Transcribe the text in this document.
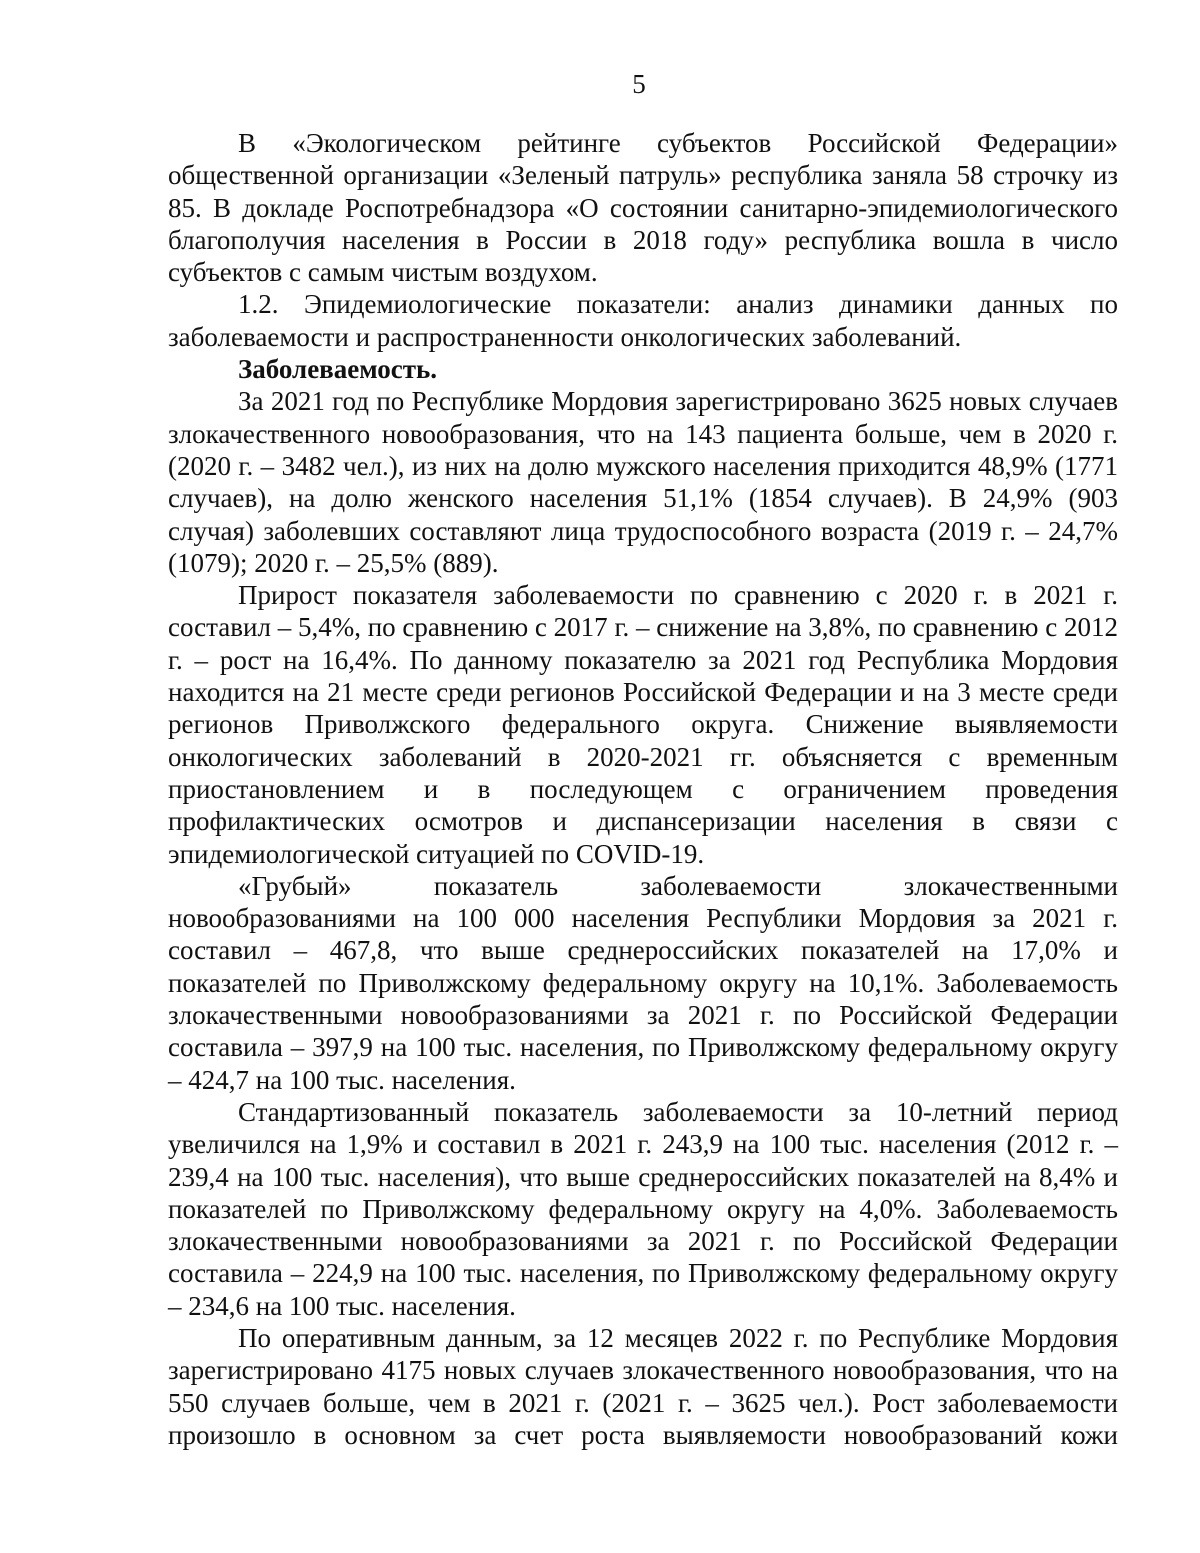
5

В «Экологическом рейтинге субъектов Российской Федерации» общественной организации «Зеленый патруль» республика заняла 58 строчку из 85. В докладе Роспотребнадзора «О состоянии санитарно-эпидемиологического благополучия населения в России в 2018 году» республика вошла в число субъектов с самым чистым воздухом.

1.2. Эпидемиологические показатели: анализ динамики данных по заболеваемости и распространенности онкологических заболеваний.

Заболеваемость.

За 2021 год по Республике Мордовия зарегистрировано 3625 новых случаев злокачественного новообразования, что на 143 пациента больше, чем в 2020 г. (2020 г. – 3482 чел.), из них на долю мужского населения приходится 48,9% (1771 случаев), на долю женского населения 51,1% (1854 случаев). В 24,9% (903 случая) заболевших составляют лица трудоспособного возраста (2019 г. – 24,7% (1079); 2020 г. – 25,5% (889).

Прирост показателя заболеваемости по сравнению с 2020 г. в 2021 г. составил – 5,4%, по сравнению с 2017 г. – снижение на 3,8%, по сравнению с 2012 г. – рост на 16,4%. По данному показателю за 2021 год Республика Мордовия находится на 21 месте среди регионов Российской Федерации и на 3 месте среди регионов Приволжского федерального округа. Снижение выявляемости онкологических заболеваний в 2020-2021 гг. объясняется с временным приостановлением и в последующем с ограничением проведения профилактических осмотров и диспансеризации населения в связи с эпидемиологической ситуацией по COVID-19.

«Грубый» показатель заболеваемости злокачественными новообразованиями на 100 000 населения Республики Мордовия за 2021 г. составил – 467,8, что выше среднероссийских показателей на 17,0% и показателей по Приволжскому федеральному округу на 10,1%. Заболеваемость злокачественными новообразованиями за 2021 г. по Российской Федерации составила – 397,9 на 100 тыс. населения, по Приволжскому федеральному округу – 424,7 на 100 тыс. населения.

Стандартизованный показатель заболеваемости за 10-летний период увеличился на 1,9% и составил в 2021 г. 243,9 на 100 тыс. населения (2012 г. – 239,4 на 100 тыс. населения), что выше среднероссийских показателей на 8,4% и показателей по Приволжскому федеральному округу на 4,0%. Заболеваемость злокачественными новообразованиями за 2021 г. по Российской Федерации составила – 224,9 на 100 тыс. населения, по Приволжскому федеральному округу – 234,6 на 100 тыс. населения.

По оперативным данным, за 12 месяцев 2022 г. по Республике Мордовия зарегистрировано 4175 новых случаев злокачественного новообразования, что на 550 случаев больше, чем в 2021 г. (2021 г. – 3625 чел.). Рост заболеваемости произошло в основном за счет роста выявляемости новообразований кожи
